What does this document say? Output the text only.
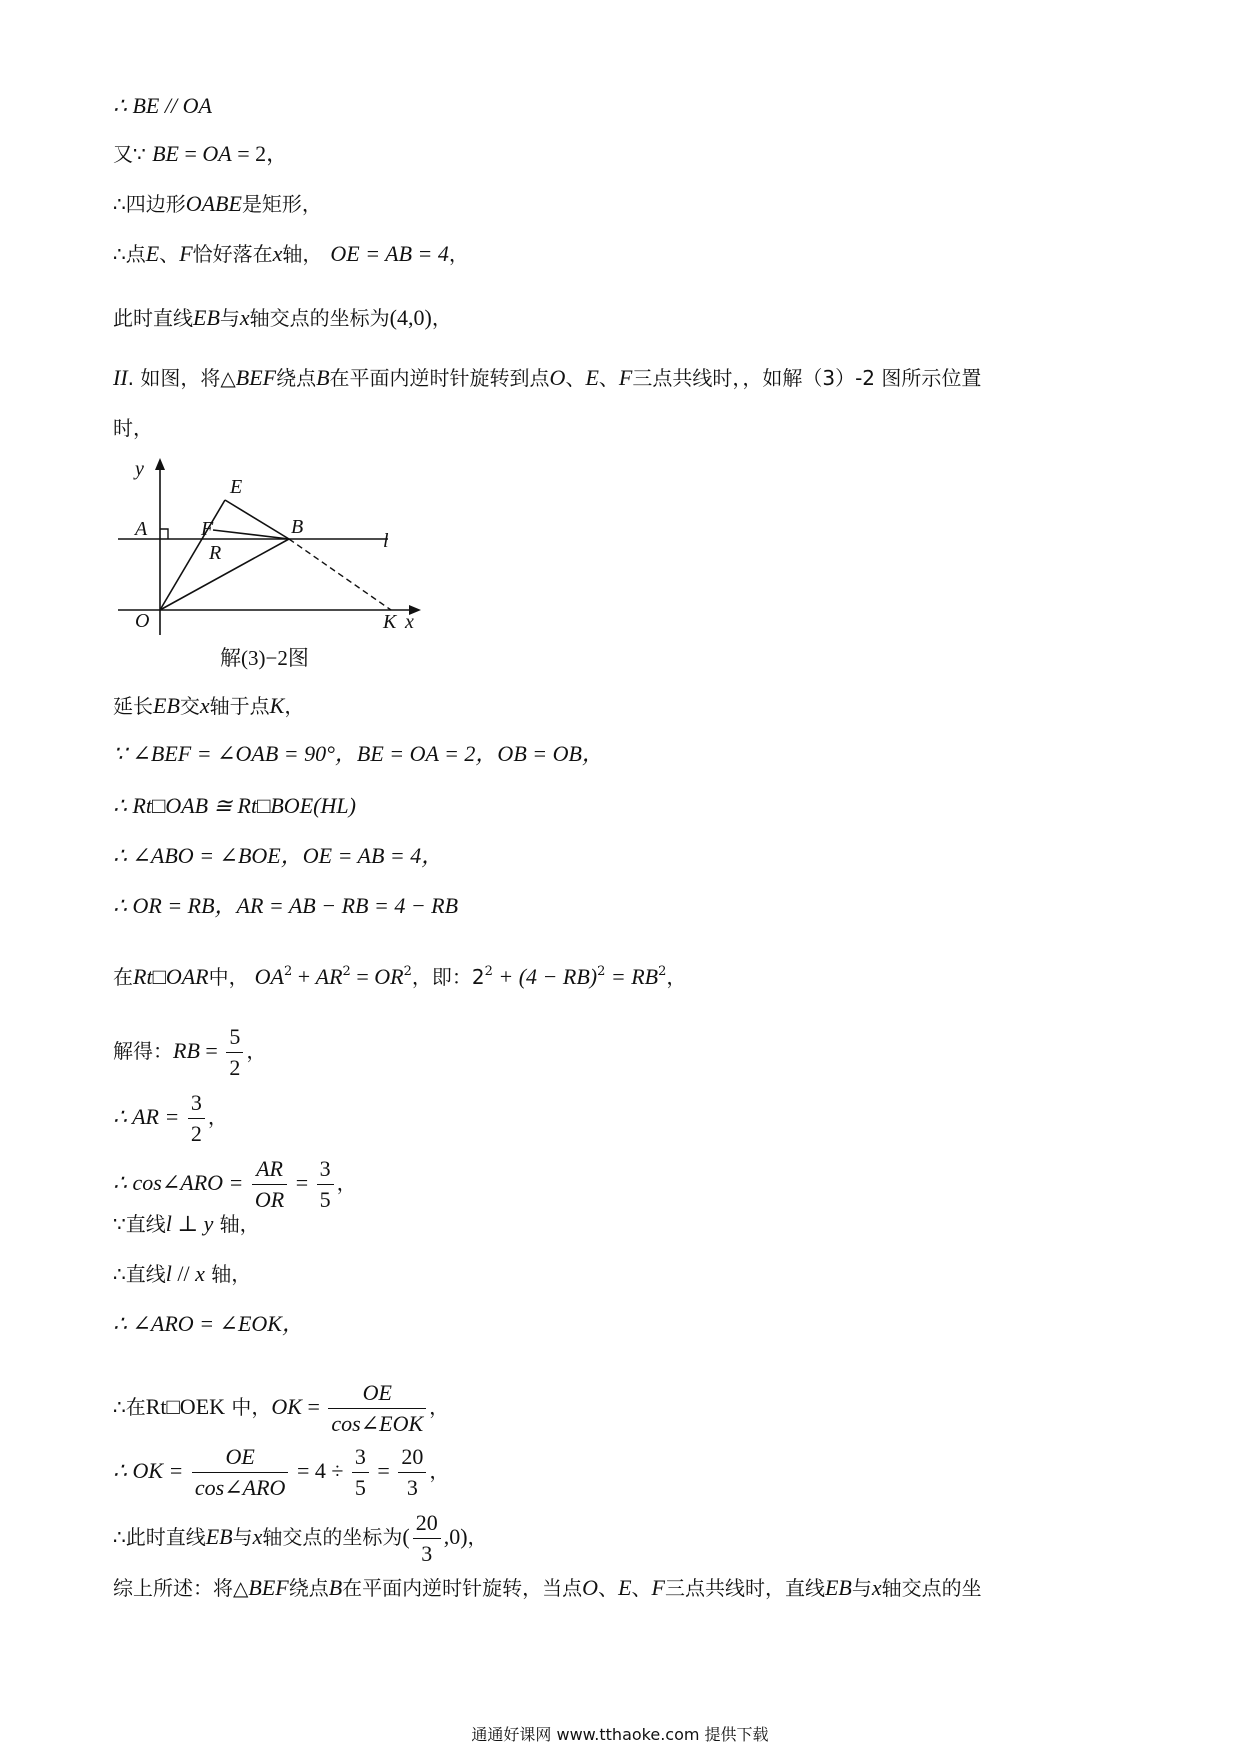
∴ BE // OA
又∵ BE = OA = 2，
∴四边形OABE是矩形，
∴点E、F恰好落在x轴， OE = AB = 4，
此时直线EB与x轴交点的坐标为(4,0)，
II. 如图，将△BEF绕点B在平面内逆时针旋转到点O、E、F三点共线时，，如解（3）-2 图所示位置
时，
y
E
A	F	B
l
R
O	K x
解(3)−2图
延长EB交x轴于点K，
∵ ∠BEF = ∠OAB = 90°，BE = OA = 2，OB = OB，
∴ Rt□OAB ≅ Rt□BOE(HL)
∴ ∠ABO = ∠BOE，OE = AB = 4，
∴ OR = RB，AR = AB − RB = 4 − RB
在Rt□OAR中， $OA^2 + AR^2 = OR^2$，即：$2^2 + (4 - RB)^2 = RB^2$，
解得：RB = $\frac{5}{2}$ ，
∴ AR = $\frac{3}{2}$ ，
∴ cos∠ARO = $\frac{AR}{OR} = \frac{3}{5}$ ，
∵直线l ⊥ y 轴，
∴直线l // x 轴，
∴ ∠ARO = ∠EOK，
∴在Rt□OEK 中，OK = $\frac{OE}{\text{cos∠EOK}}$ ，
∴ OK = $\frac{OE}{\text{cos∠ARO}} = 4 \div \frac{3}{5} = \frac{20}{3}$ ，
∴此时直线EB与x轴交点的坐标为( $\frac{20}{3} ,0$)，
综上所述：将△BEF绕点B在平面内逆时针旋转，当点O、E、F三点共线时，直线EB与x轴交点的坐
通通好课网 www.tthaoke.com 提供下载
